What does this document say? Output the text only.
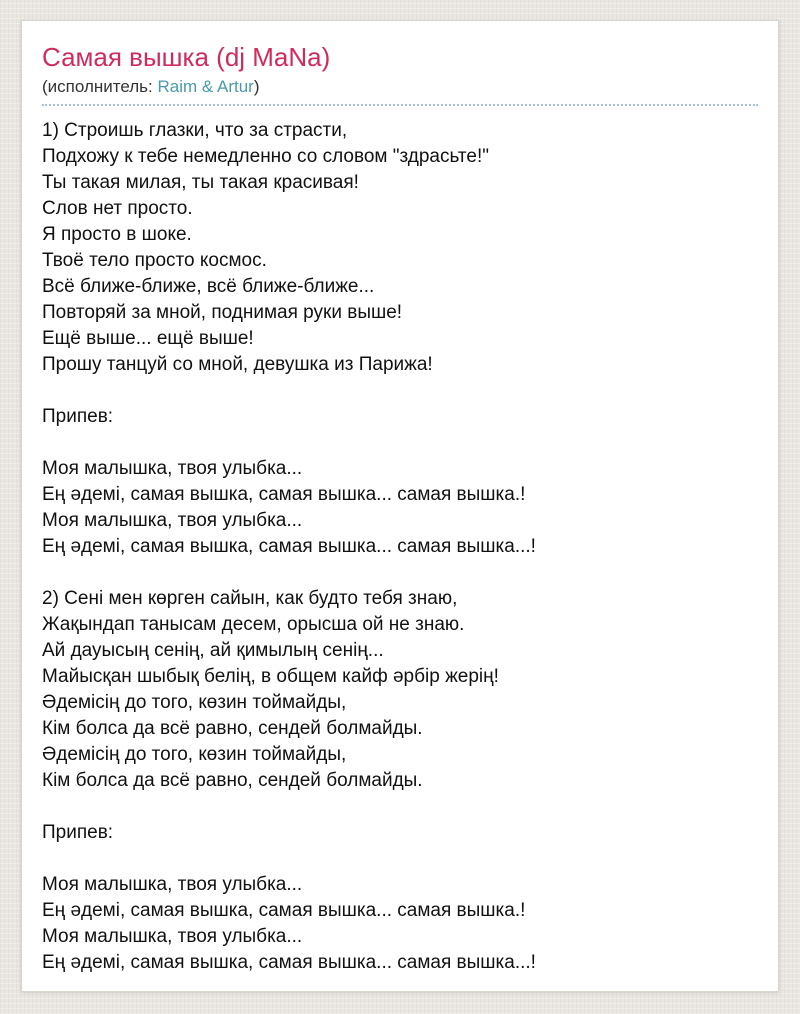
Самая вышка (dj MaNa)
(исполнитель: Raim & Artur)
1) Строишь глазки, что за страсти,
Подхожу к тебе немедленно со словом "здрасьте!"
Ты такая милая, ты такая красивая!
Слов нет просто.
Я просто в шоке.
Твоё тело просто космос.
Всё ближе-ближе, всё ближе-ближе...
Повторяй за мной, поднимая руки выше!
Ещё выше... ещё выше!
Прошу танцуй со мной, девушка из Парижа!

Припев:

Моя малышка, твоя улыбка...
Ең әдемі, самая вышка, самая вышка... самая вышка.!
Моя малышка, твоя улыбка...
Ең әдемі, самая вышка, самая вышка... самая вышка...!

2) Сені мен көрген сайын, как будто тебя знаю,
Жақындап танысам десем, орысша ой не знаю.
Ай дауысың сенің, ай қимылың сенің...
Майысқан шыбық белің, в общем кайф әрбір жерің!
Әдемісің до того, көзин тоймайды,
Кім болса да всё равно, сендей болмайды.
Әдемісің до того, көзин тоймайды,
Кім болса да всё равно, сендей болмайды.

Припев:

Моя малышка, твоя улыбка...
Ең әдемі, самая вышка, самая вышка... самая вышка.!
Моя малышка, твоя улыбка...
Ең әдемі, самая вышка, самая вышка... самая вышка...!
